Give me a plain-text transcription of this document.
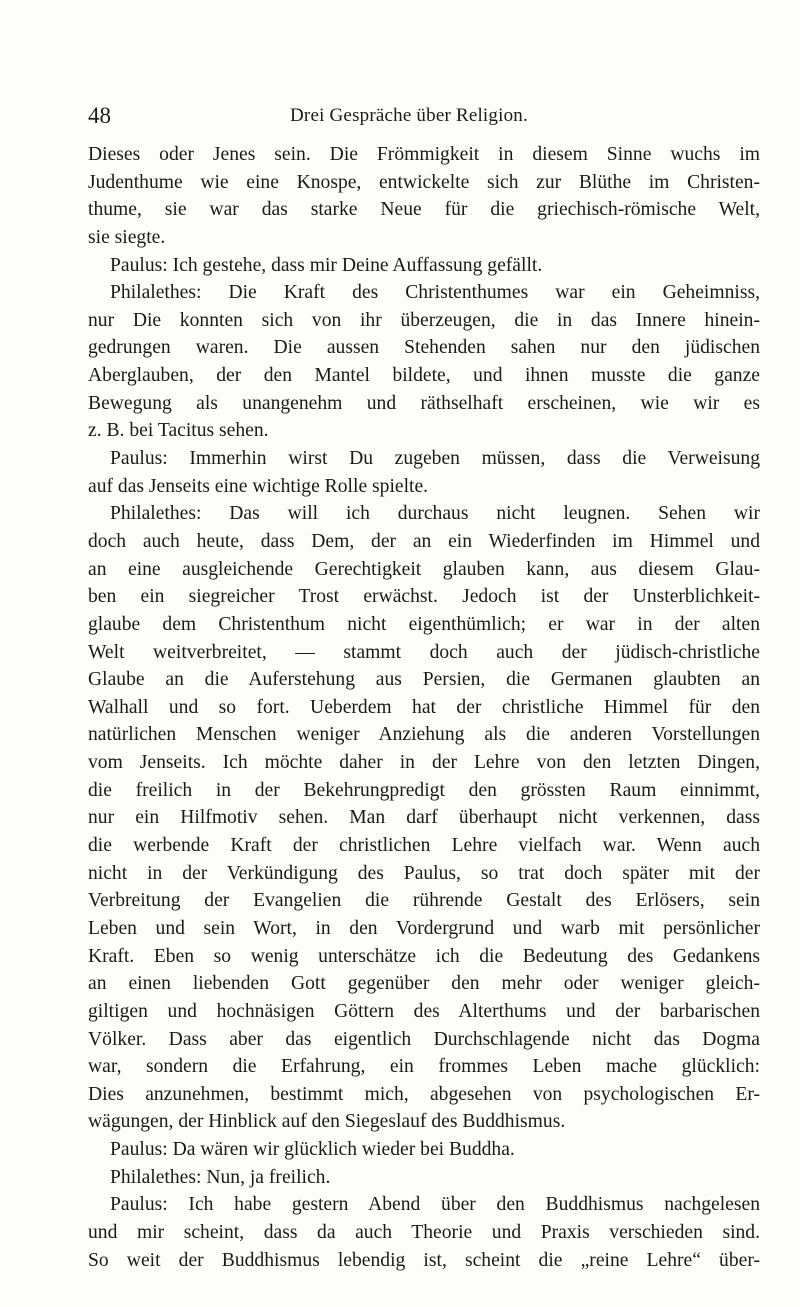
48	Drei Gespräche über Religion.
Dieses oder Jenes sein. Die Frömmigkeit in diesem Sinne wuchs im
Judenthume wie eine Knospe, entwickelte sich zur Blüthe im Christen-
thume, sie war das starke Neue für die griechisch-römische Welt,
sie siegte.
Paulus: Ich gestehe, dass mir Deine Auffassung gefällt.
Philalethes: Die Kraft des Christenthumes war ein Geheimniss,
nur Die konnten sich von ihr überzeugen, die in das Innere hinein-
gedrungen waren. Die aussen Stehenden sahen nur den jüdischen
Aberglauben, der den Mantel bildete, und ihnen musste die ganze
Bewegung als unangenehm und räthselhaft erscheinen, wie wir es
z. B. bei Tacitus sehen.
Paulus: Immerhin wirst Du zugeben müssen, dass die Verweisung
auf das Jenseits eine wichtige Rolle spielte.
Philalethes: Das will ich durchaus nicht leugnen. Sehen wir
doch auch heute, dass Dem, der an ein Wiederfinden im Himmel und
an eine ausgleichende Gerechtigkeit glauben kann, aus diesem Glau-
ben ein siegreicher Trost erwächst. Jedoch ist der Unsterblichkeit-
glaube dem Christenthum nicht eigenthümlich; er war in der alten
Welt weitverbreitet, — stammt doch auch der jüdisch-christliche
Glaube an die Auferstehung aus Persien, die Germanen glaubten an
Walhall und so fort. Ueberdem hat der christliche Himmel für den
natürlichen Menschen weniger Anziehung als die anderen Vorstellungen
vom Jenseits. Ich möchte daher in der Lehre von den letzten Dingen,
die freilich in der Bekehrungpredigt den grössten Raum einnimmt,
nur ein Hilfmotiv sehen. Man darf überhaupt nicht verkennen, dass
die werbende Kraft der christlichen Lehre vielfach war. Wenn auch
nicht in der Verkündigung des Paulus, so trat doch später mit der
Verbreitung der Evangelien die rührende Gestalt des Erlösers, sein
Leben und sein Wort, in den Vordergrund und warb mit persönlicher
Kraft. Eben so wenig unterschätze ich die Bedeutung des Gedankens
an einen liebenden Gott gegenüber den mehr oder weniger gleich-
giltigen und hochnäsigen Göttern des Alterthums und der barbarischen
Völker. Dass aber das eigentlich Durchschlagende nicht das Dogma
war, sondern die Erfahrung, ein frommes Leben mache glücklich:
Dies anzunehmen, bestimmt mich, abgesehen von psychologischen Er-
wägungen, der Hinblick auf den Siegeslauf des Buddhismus.
Paulus: Da wären wir glücklich wieder bei Buddha.
Philalethes: Nun, ja freilich.
Paulus: Ich habe gestern Abend über den Buddhismus nachgelesen
und mir scheint, dass da auch Theorie und Praxis verschieden sind.
So weit der Buddhismus lebendig ist, scheint die „reine Lehre“ über-
